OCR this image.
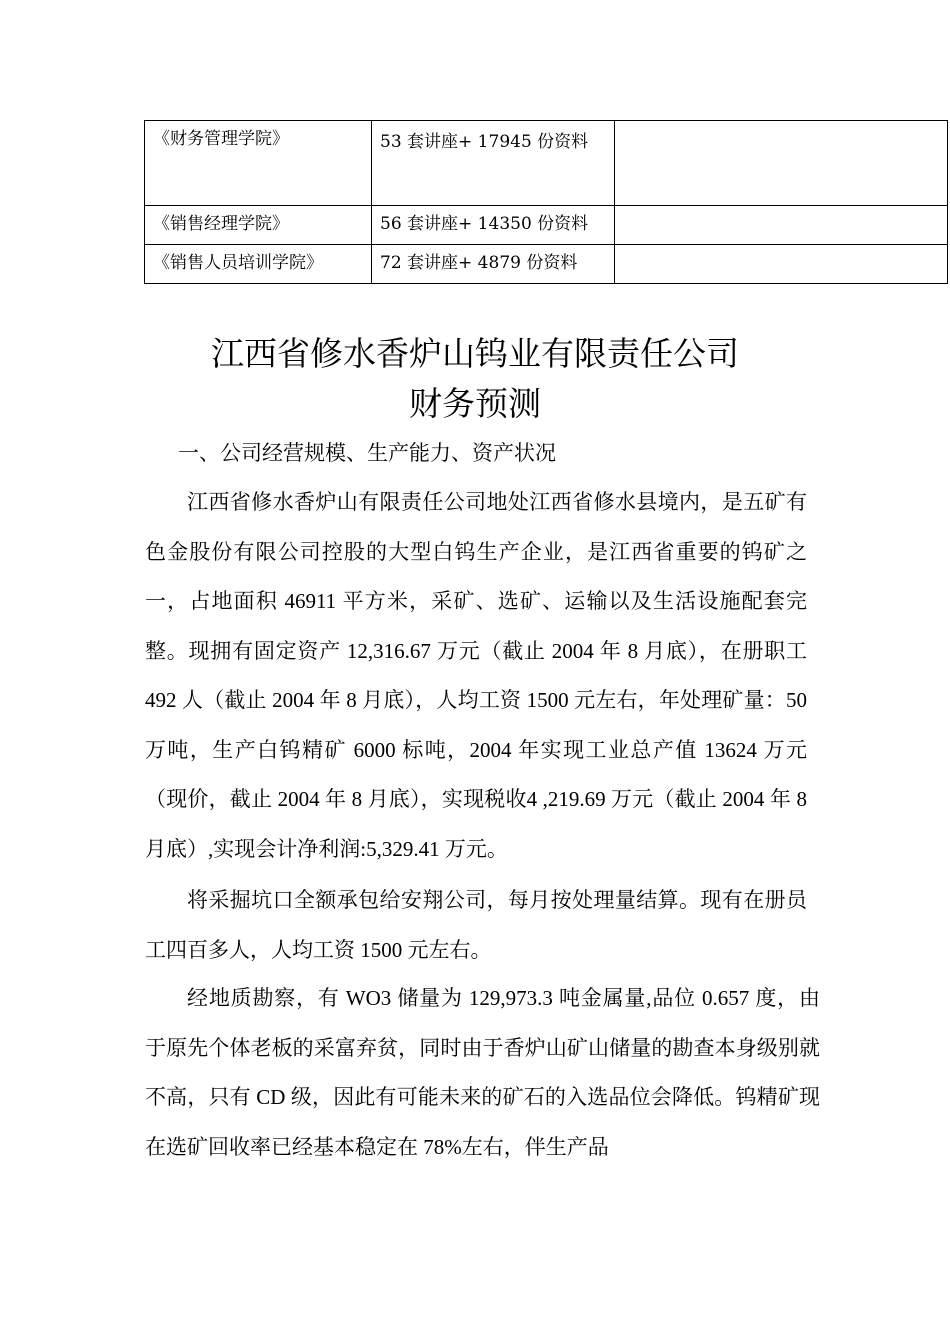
《财务管理学院》	53 套讲座+ 17945 份资料	
《销售经理学院》	56 套讲座+ 14350 份资料	
《销售人员培训学院》	72 套讲座+ 4879 份资料	
江西省修水香炉山钨业有限责任公司
财务预测
一、公司经营规模、生产能力、资产状况

江西省修水香炉山有限责任公司地处江西省修水县境内，是五矿有色金股份有限公司控股的大型白钨生产企业，是江西省重要的钨矿之一，占地面积 46911 平方米，采矿、选矿、运输以及生活设施配套完整。现拥有固定资产 12,316.67 万元（截止 2004 年 8 月底），在册职工 492 人（截止 2004 年 8 月底），人均工资 1500 元左右，年处理矿量：50 万吨，生产白钨精矿 6000 标吨，2004 年实现工业总产值 13624 万元（现价，截止 2004 年 8 月底），实现税收4 ,219.69 万元（截止 2004 年 8 月底）,实现会计净利润:5,329.41 万元。

将采掘坑口全额承包给安翔公司，每月按处理量结算。现有在册员工四百多人，人均工资 1500 元左右。

经地质勘察，有 WO3 储量为 129,973.3 吨金属量,品位 0.657 度，由于原先个体老板的采富弃贫，同时由于香炉山矿山储量的勘查本身级别就不高，只有 CD 级，因此有可能未来的矿石的入选品位会降低。钨精矿现在选矿回收率已经基本稳定在 78%左右，伴生产品
